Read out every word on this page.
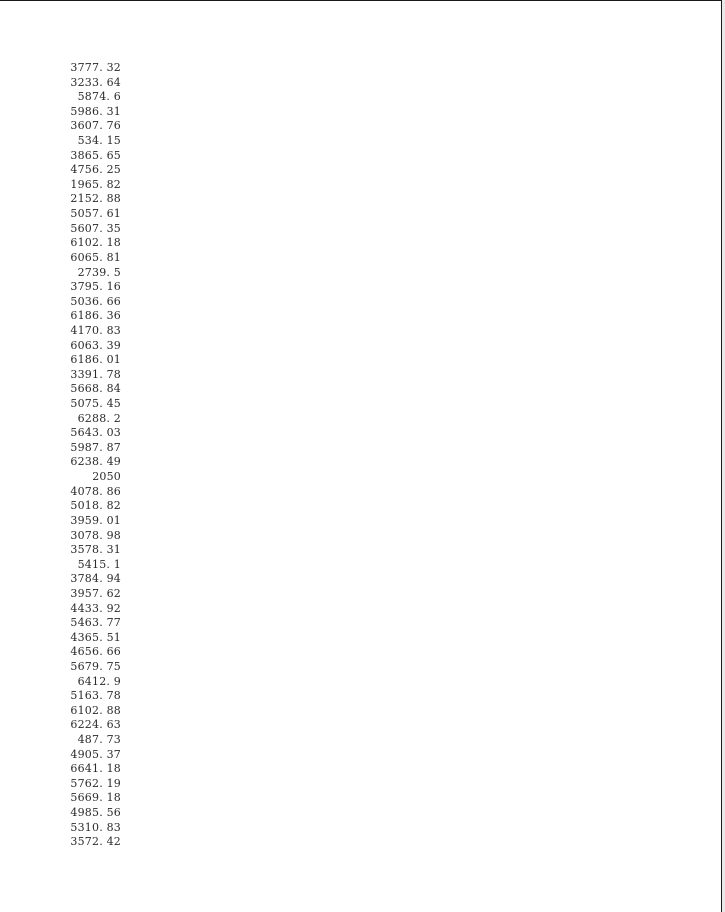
3777. 32
3233. 64
5874. 6
5986. 31
3607. 76
534. 15
3865. 65
4756. 25
1965. 82
2152. 88
5057. 61
5607. 35
6102. 18
6065. 81
2739. 5
3795. 16
5036. 66
6186. 36
4170. 83
6063. 39
6186. 01
3391. 78
5668. 84
5075. 45
6288. 2
5643. 03
5987. 87
6238. 49
2050
4078. 86
5018. 82
3959. 01
3078. 98
3578. 31
5415. 1
3784. 94
3957. 62
4433. 92
5463. 77
4365. 51
4656. 66
5679. 75
6412. 9
5163. 78
6102. 88
6224. 63
487. 73
4905. 37
6641. 18
5762. 19
5669. 18
4985. 56
5310. 83
3572. 42
